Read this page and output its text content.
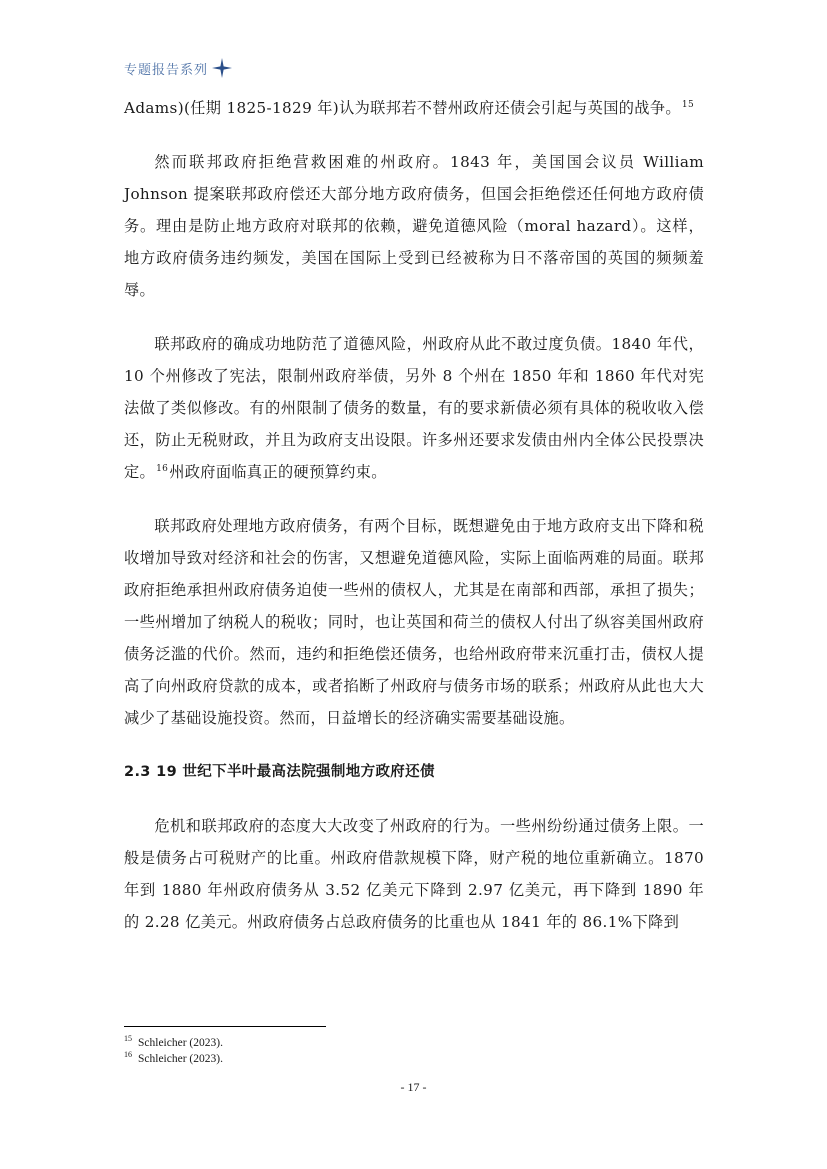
专题报告系列

Adams)(任期 1825-1829 年)认为联邦若不替州政府还债会引起与英国的战争。$^{15}$

然而联邦政府拒绝营救困难的州政府。1843 年，美国国会议员 William Johnson 提案联邦政府偿还大部分地方政府债务，但国会拒绝偿还任何地方政府债务。理由是防止地方政府对联邦的依赖，避免道德风险（moral hazard）。这样，地方政府债务违约频发，美国在国际上受到已经被称为日不落帝国的英国的频频羞辱。

联邦政府的确成功地防范了道德风险，州政府从此不敢过度负债。1840 年代，10 个州修改了宪法，限制州政府举债，另外 8 个州在 1850 年和 1860 年代对宪法做了类似修改。有的州限制了债务的数量，有的要求新债必须有具体的税收收入偿还，防止无税财政，并且为政府支出设限。许多州还要求发债由州内全体公民投票决定。$^{16}$州政府面临真正的硬预算约束。

联邦政府处理地方政府债务，有两个目标，既想避免由于地方政府支出下降和税收增加导致对经济和社会的伤害，又想避免道德风险，实际上面临两难的局面。联邦政府拒绝承担州政府债务迫使一些州的债权人，尤其是在南部和西部，承担了损失；一些州增加了纳税人的税收；同时，也让英国和荷兰的债权人付出了纵容美国州政府债务泛滥的代价。然而，违约和拒绝偿还债务，也给州政府带来沉重打击，债权人提高了向州政府贷款的成本，或者掐断了州政府与债务市场的联系；州政府从此也大大减少了基础设施投资。然而，日益增长的经济确实需要基础设施。

2.3 19 世纪下半叶最高法院强制地方政府还债

危机和联邦政府的态度大大改变了州政府的行为。一些州纷纷通过债务上限。一般是债务占可税财产的比重。州政府借款规模下降，财产税的地位重新确立。1870 年到 1880 年州政府债务从 3.52 亿美元下降到 2.97 亿美元，再下降到 1890 年的 2.28 亿美元。州政府债务占总政府债务的比重也从 1841 年的 86.1%下降到

$^{15}$ Schleicher (2023).
$^{16}$ Schleicher (2023).
- 17 -
